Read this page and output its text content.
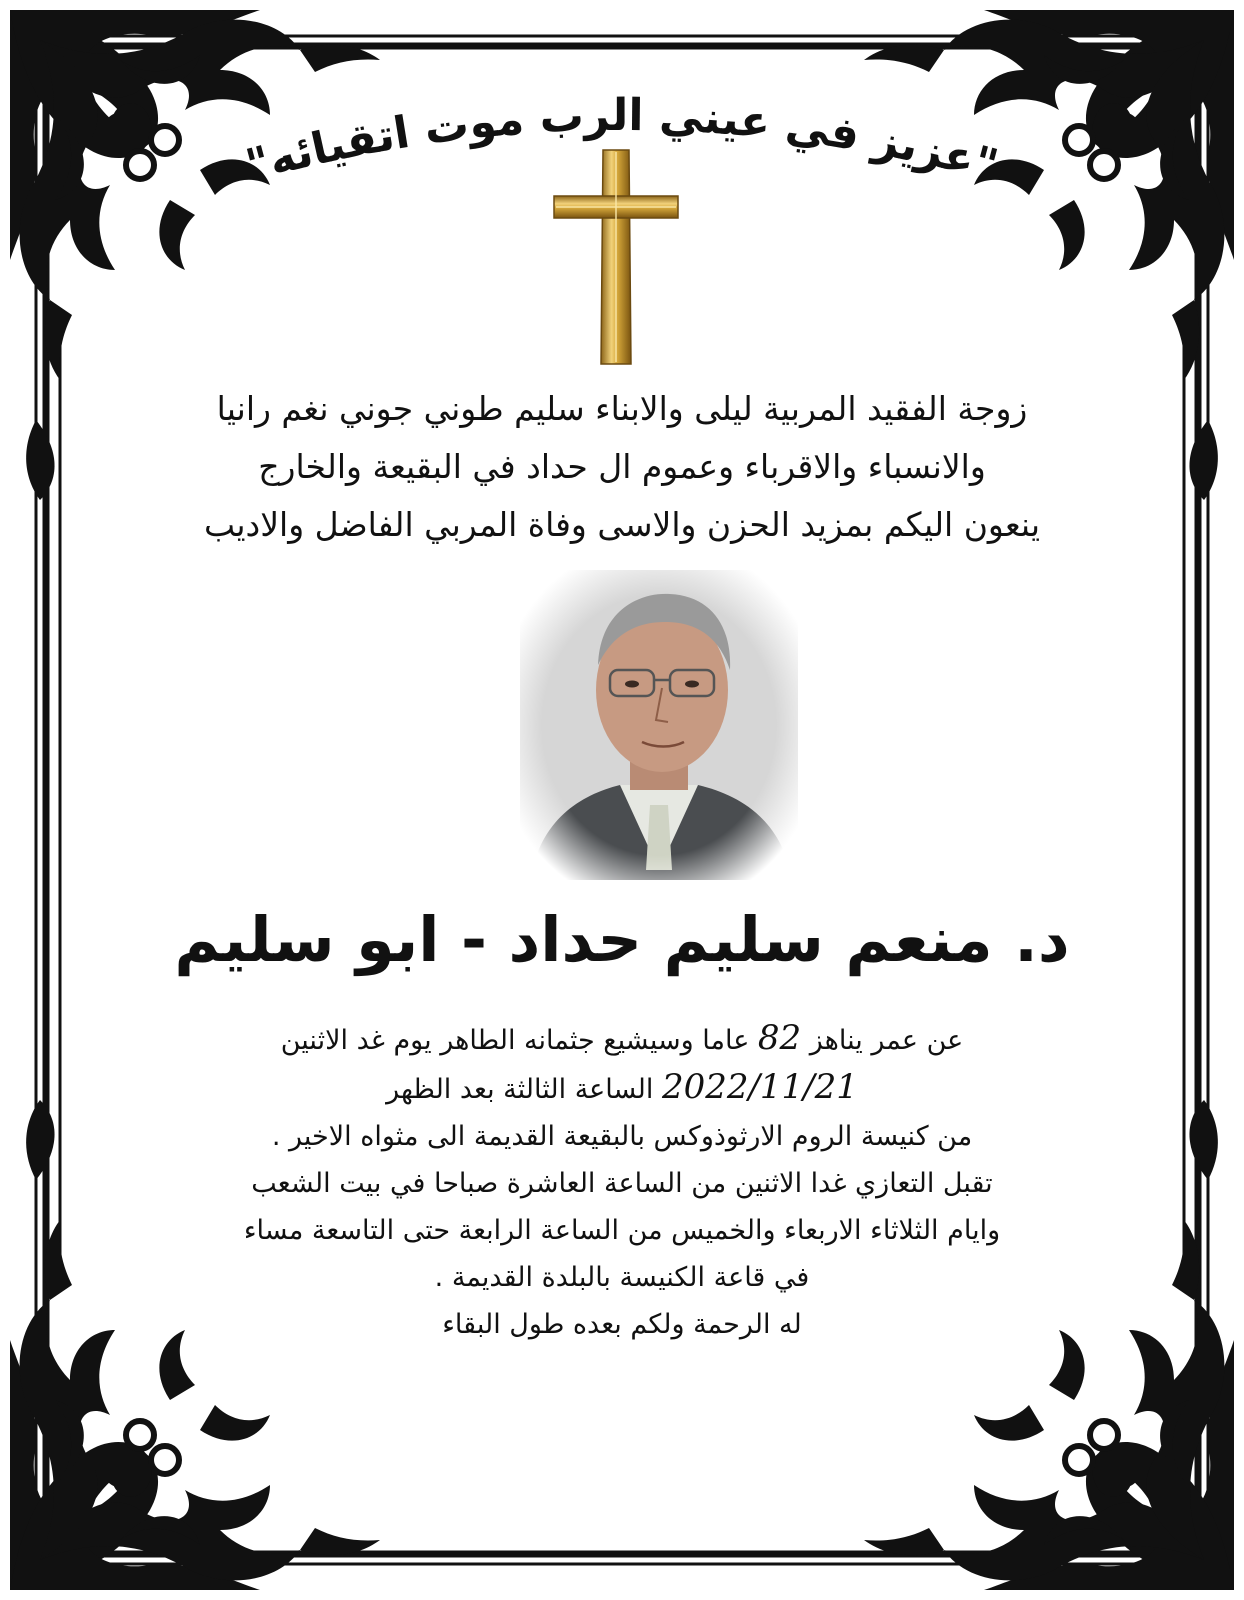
"عزيز في عيني الرب موت اتقيائه"
زوجة الفقيد المربية ليلى والابناء سليم طوني جوني نغم رانيا
والانسباء والاقرباء وعموم ال حداد في البقيعة والخارج
ينعون اليكم بمزيد الحزن والاسى وفاة المربي الفاضل والاديب
د. منعم سليم حداد - ابو سليم
عن عمر يناهز 82 عاما وسيشيع جثمانه الطاهر يوم غد الاثنين
2022/11/21 الساعة الثالثة بعد الظهر
من كنيسة الروم الارثوذوكس بالبقيعة القديمة الى مثواه الاخير .
تقبل التعازي غدا الاثنين من الساعة العاشرة صباحا في بيت الشعب
وايام الثلاثاء الاربعاء والخميس من الساعة الرابعة حتى التاسعة مساء
في قاعة الكنيسة بالبلدة القديمة .
له الرحمة ولكم بعده طول البقاء
